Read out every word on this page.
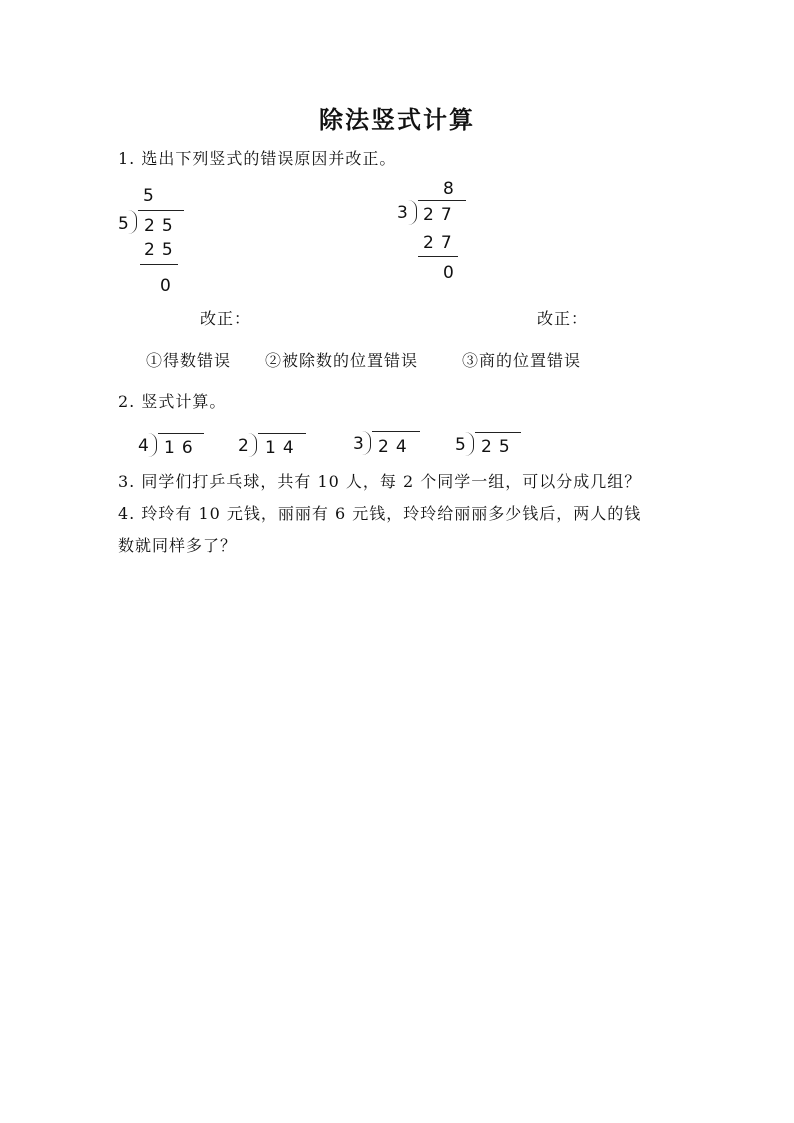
除法竖式计算
1. 选出下列竖式的错误原因并改正。
5
5 25
25
0
8
3 27
27
0
改正：	改正：
①得数错误 ②被除数的位置错误	③商的位置错误
2. 竖式计算。
4 16 2 14	3 24 5 25
3. 同学们打乒乓球，共有 10 人，每 2 个同学一组，可以分成几组？
4. 玲玲有 10 元钱，丽丽有 6 元钱，玲玲给丽丽多少钱后，两人的钱
数就同样多了？
